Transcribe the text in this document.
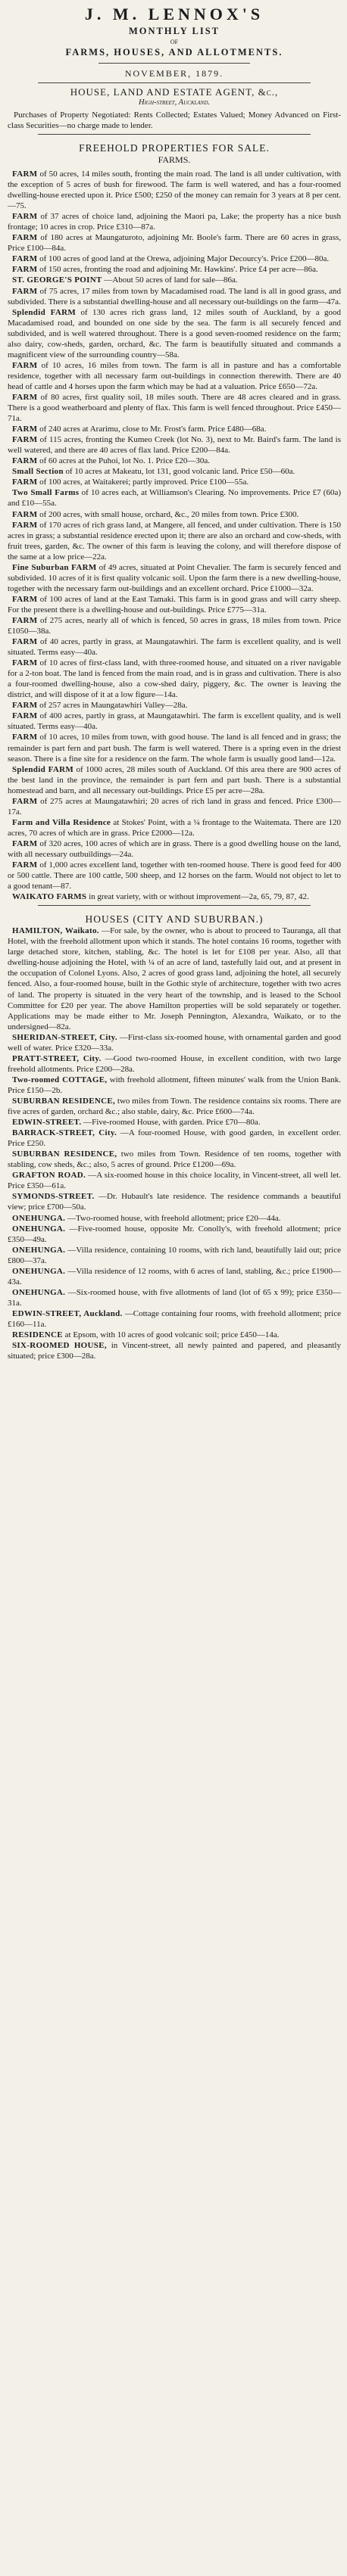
J. M. LENNOX'S
MONTHLY LIST
OF
FARMS, HOUSES, AND ALLOTMENTS.
NOVEMBER, 1879.
HOUSE, LAND AND ESTATE AGENT, &c.,
High-street, Auckland.

Purchases of Property Negotiated: Rents Collected; Estates Valued; Money Advanced on First-class Securities—no charge made to lender.

FREEHOLD PROPERTIES FOR SALE.
FARMS.

FARM of 50 acres, 14 miles south, fronting the main road. The land is all under cultivation, with the exception of 5 acres of bush for firewood. The farm is well watered, and has a four-roomed dwelling-house erected upon it. Price £500; £250 of the money can remain for 3 years at 8 per cent.—75.

FARM of 37 acres of choice land, adjoining the Maori pa, Lake; the property has a nice bush frontage; 10 acres in crop. Price £310—87a.

FARM of 180 acres at Maungaturoto, adjoining Mr. Boole's farm. There are 60 acres in grass, Price £100—84a.

FARM of 100 acres of good land at the Orewa, adjoining Major Decourcy's. Price £200—80a.

FARM of 150 acres, fronting the road and adjoining Mr. Hawkins'. Price £4 per acre—86a.

ST. GEORGE'S POINT —About 50 acres of land for sale—86a.

FARM of 75 acres, 17 miles from town by Macadamised road. The land is all in good grass, and subdivided. There is a substantial dwelling-house and all necessary out-buildings on the farm—47a.

Splendid FARM of 130 acres rich grass land, 12 miles south of Auckland, by a good Macadamised road, and bounded on one side by the sea. The farm is all securely fenced and subdivided, and is well watered throughout. There is a good seven-roomed residence on the farm; also dairy, cow-sheds, garden, orchard, &c. The farm is beautifully situated and commands a magnificent view of the surrounding country—58a.

FARM of 10 acres, 16 miles from town. The farm is all in pasture and has a comfortable residence, together with all necessary farm out-buildings in connection therewith. There are 40 head of cattle and 4 horses upon the farm which may be had at a valuation. Price £650—72a.

FARM of 80 acres, first quality soil, 18 miles south. There are 48 acres cleared and in grass. There is a good weatherboard and plenty of flax. This farm is well fenced throughout. Price £450—71a.

FARM of 240 acres at Ararimu, close to Mr. Frost's farm. Price £480—68a.

FARM of 115 acres, fronting the Kumeo Creek (lot No. 3), next to Mr. Baird's farm. The land is well watered, and there are 40 acres of flax land. Price £200—84a.

FARM of 60 acres at the Puhoi, lot No. 1. Price £20—30a.

Small Section of 10 acres at Makeatu, lot 131, good volcanic land. Price £50—60a.

FARM of 100 acres, at Waitakerei; partly improved. Price £100—55a.

Two Small Farms of 10 acres each, at Williamson's Clearing. No improvements. Price £7 (60a) and £10—55a.

FARM of 200 acres, with small house, orchard, &c., 20 miles from town. Price £300.

FARM of 170 acres of rich grass land, at Mangere, all fenced, and under cultivation. There is 150 acres in grass; a substantial residence erected upon it; there are also an orchard and cow-sheds, with fruit trees, garden, &c. The owner of this farm is leaving the colony, and will therefore dispose of the same at a low price—22a.

Fine Suburban FARM of 49 acres, situated at Point Chevalier. The farm is securely fenced and subdivided. 10 acres of it is first quality volcanic soil. Upon the farm there is a new dwelling-house, together with the necessary farm out-buildings and an excellent orchard. Price £1000—32a.

FARM of 100 acres of land at the East Tamaki. This farm is in good grass and will carry sheep. For the present there is a dwelling-house and out-buildings. Price £775—31a.

FARM of 275 acres, nearly all of which is fenced, 50 acres in grass, 18 miles from town. Price £1050—38a.

FARM of 40 acres, partly in grass, at Maungatawhiri. The farm is excellent quality, and is well situated. Terms easy—40a.

FARM of 10 acres of first-class land, with three-roomed house, and situated on a river navigable for a 2-ton boat. The land is fenced from the main road, and is in grass and cultivation. There is also a four-roomed dwelling-house, also a cow-shed dairy, piggery, &c. The owner is leaving the district, and will dispose of it at a low figure—14a.

FARM of 257 acres in Maungatawhiri Valley—28a.

FARM of 400 acres, partly in grass, at Maungatawhiri. The farm is excellent quality, and is well situated. Terms easy—40a.

FARM of 10 acres, 10 miles from town, with good house. The land is all fenced and in grass; the remainder is part fern and part bush. The farm is well watered. There is a spring even in the driest season. There is a fine site for a residence on the farm. The whole farm is usually good land—12a.

Splendid FARM of 1000 acres, 28 miles south of Auckland. Of this area there are 900 acres of the best land in the province, the remainder is part fern and part bush. There is a substantial homestead and barn, and all necessary out-buildings. Price £5 per acre—28a.

FARM of 275 acres at Maungatawhiri; 20 acres of rich land in grass and fenced. Price £300—17a.

Farm and Villa Residence at Stokes' Point, with a ¼ frontage to the Waitemata. There are 120 acres, 70 acres of which are in grass. Price £2000—12a.

FARM of 320 acres, 100 acres of which are in grass. There is a good dwelling house on the land, with all necessary outbuildings—24a.

FARM of 1,000 acres excellent land, together with ten-roomed house. There is good feed for 400 or 500 cattle. There are 100 cattle, 500 sheep, and 12 horses on the farm. Would not object to let to a good tenant—87.

WAIKATO FARMS in great variety, with or without improvement—2a, 65, 79, 87, 42.

HOUSES (CITY AND SUBURBAN.)

HAMILTON, Waikato. —For sale, by the owner, who is about to proceed to Tauranga, all that Hotel, with the freehold allotment upon which it stands. The hotel contains 16 rooms, together with large detached store, kitchen, stabling, &c. The hotel is let for £108 per year. Also, all that dwelling-house adjoining the Hotel, with ¼ of an acre of land, tastefully laid out, and at present in the occupation of Colonel Lyons. Also, 2 acres of good grass land, adjoining the hotel, all securely fenced. Also, a four-roomed house, built in the Gothic style of architecture, together with two acres of land. The property is situated in the very heart of the township, and is leased to the School Committee for £20 per year. The above Hamilton properties will be sold separately or together. Applications may be made either to Mr. Joseph Pennington, Alexandra, Waikato, or to the undersigned—82a.

SHERIDAN-STREET, City. —First-class six-roomed house, with ornamental garden and good well of water. Price £320—33a.

PRATT-STREET, City. —Good two-roomed House, in excellent condition, with two large freehold allotments. Price £200—28a.

Two-roomed COTTAGE, with freehold allotment, fifteen minutes' walk from the Union Bank. Price £150—2b.

SUBURBAN RESIDENCE, two miles from Town. The residence contains six rooms. There are five acres of garden, orchard &c.; also stable, dairy, &c. Price £600—74a.

EDWIN-STREET. —Five-roomed House, with garden. Price £70—80a.

BARRACK-STREET, City. —A four-roomed House, with good garden, in excellent order. Price £250.

SUBURBAN RESIDENCE, two miles from Town. Residence of ten rooms, together with stabling, cow sheds, &c.; also, 5 acres of ground. Price £1200—69a.

GRAFTON ROAD. —A six-roomed house in this choice locality, in Vincent-street, all well let. Price £350—61a.

SYMONDS-STREET. —Dr. Hubault's late residence. The residence commands a beautiful view; price £700—50a.

ONEHUNGA. —Two-roomed house, with freehold allotment; price £20—44a.

ONEHUNGA. —Five-roomed house, opposite Mr. Conolly's, with freehold allotment; price £350—49a.

ONEHUNGA. —Villa residence, containing 10 rooms, with rich land, beautifully laid out; price £800—37a.

ONEHUNGA. —Villa residence of 12 rooms, with 6 acres of land, stabling, &c.; price £1900—43a.

ONEHUNGA. —Six-roomed house, with five allotments of land (lot of 65 x 99); price £350—31a.

EDWIN-STREET, Auckland. —Cottage containing four rooms, with freehold allotment; price £160—11a.

RESIDENCE at Epsom, with 10 acres of good volcanic soil; price £450—14a.

SIX-ROOMED HOUSE, in Vincent-street, all newly painted and papered, and pleasantly situated; price £300—28a.
